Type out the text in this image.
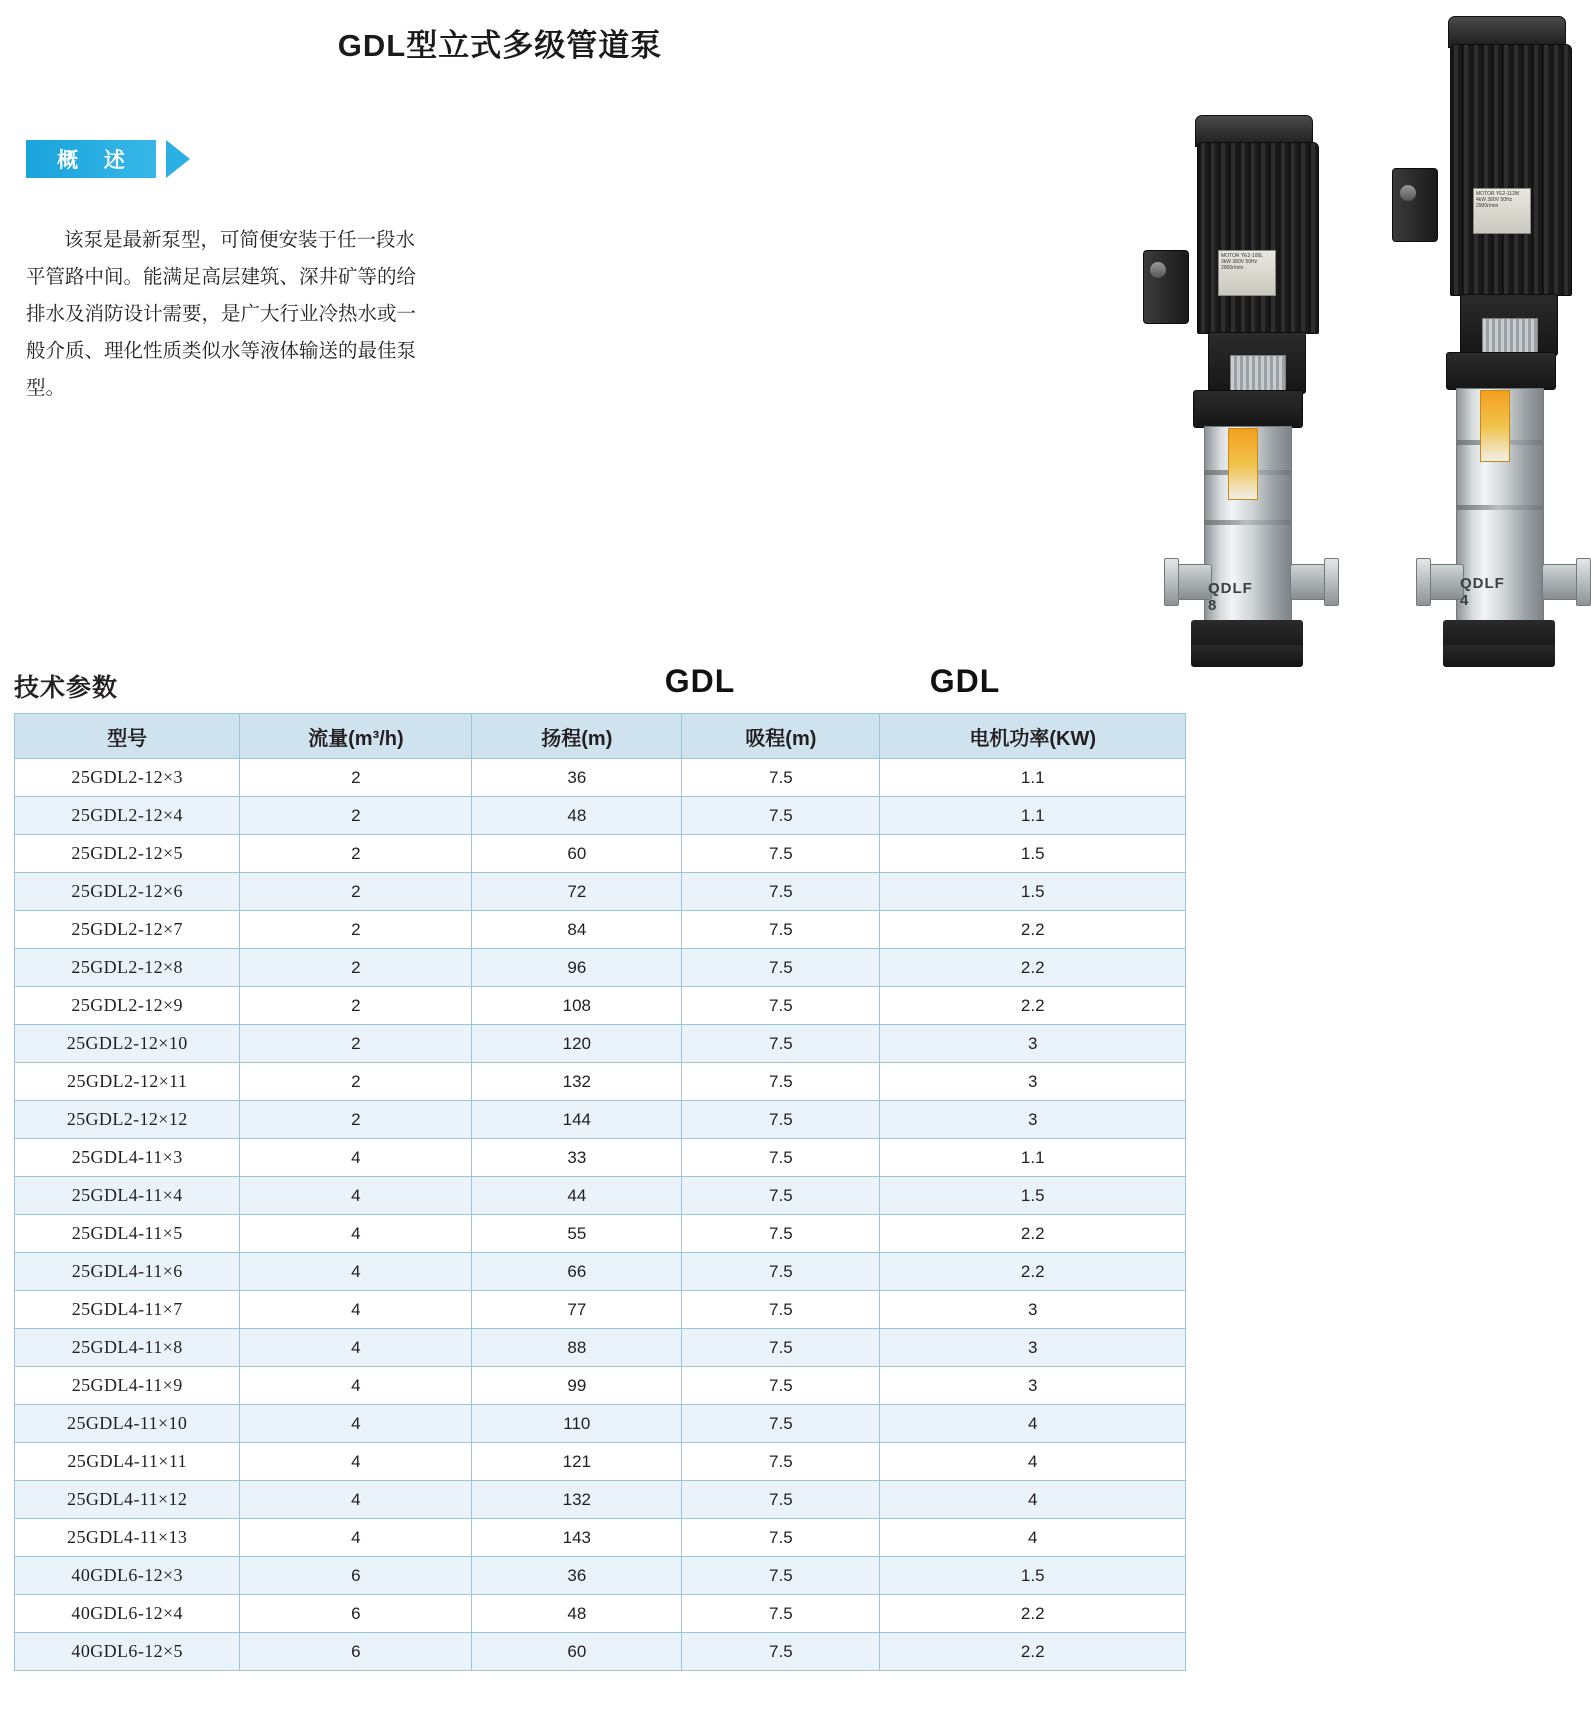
GDL型立式多级管道泵
概 述
该泵是最新泵型，可简便安装于任一段水平管路中间。能满足高层建筑、深井矿等的给排水及消防设计需要，是广大行业冷热水或一般介质、理化性质类似水等液体输送的最佳泵型。
MOTOR YE2-100L 3kW 380V 50Hz 2900r/min
QDLF 8
MOTOR YE2-112M 4kW 380V 50Hz 2900r/min
QDLF 4
GDL	GDL
技术参数
型号	流量(m³/h)	扬程(m)	吸程(m)	电机功率(KW)
25GDL2-12×3	2	36	7.5	1.1
25GDL2-12×4	2	48	7.5	1.1
25GDL2-12×5	2	60	7.5	1.5
25GDL2-12×6	2	72	7.5	1.5
25GDL2-12×7	2	84	7.5	2.2
25GDL2-12×8	2	96	7.5	2.2
25GDL2-12×9	2	108	7.5	2.2
25GDL2-12×10	2	120	7.5	3
25GDL2-12×11	2	132	7.5	3
25GDL2-12×12	2	144	7.5	3
25GDL4-11×3	4	33	7.5	1.1
25GDL4-11×4	4	44	7.5	1.5
25GDL4-11×5	4	55	7.5	2.2
25GDL4-11×6	4	66	7.5	2.2
25GDL4-11×7	4	77	7.5	3
25GDL4-11×8	4	88	7.5	3
25GDL4-11×9	4	99	7.5	3
25GDL4-11×10	4	110	7.5	4
25GDL4-11×11	4	121	7.5	4
25GDL4-11×12	4	132	7.5	4
25GDL4-11×13	4	143	7.5	4
40GDL6-12×3	6	36	7.5	1.5
40GDL6-12×4	6	48	7.5	2.2
40GDL6-12×5	6	60	7.5	2.2
